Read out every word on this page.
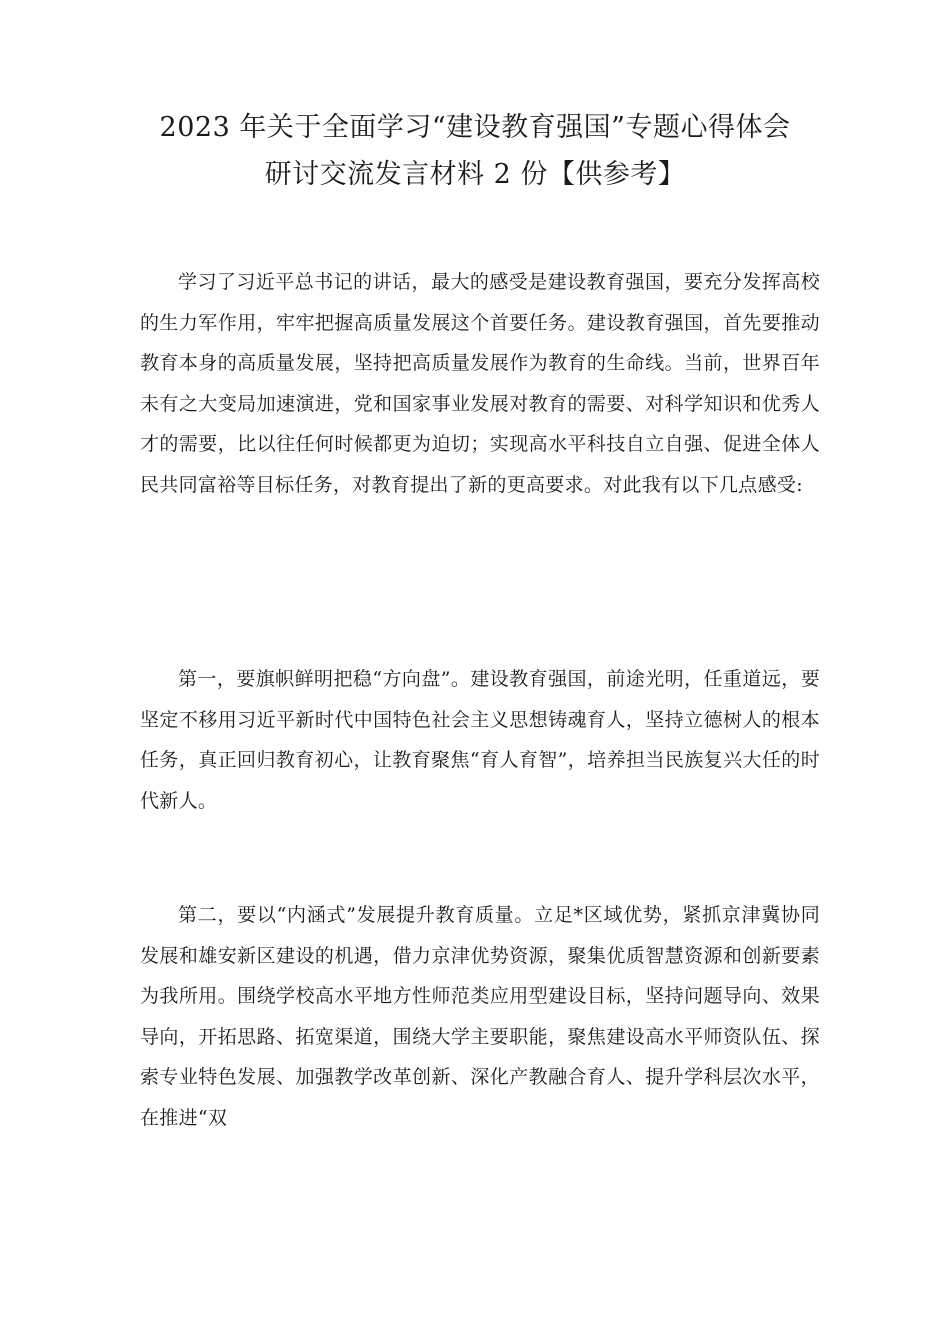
2023 年关于全面学习“建设教育强国”专题心得体会
研讨交流发言材料 2 份【供参考】

学习了习近平总书记的讲话，最大的感受是建设教育强国，要充分发挥高校的生力军作用，牢牢把握高质量发展这个首要任务。建设教育强国，首先要推动教育本身的高质量发展，坚持把高质量发展作为教育的生命线。当前，世界百年未有之大变局加速演进，党和国家事业发展对教育的需要、对科学知识和优秀人才的需要，比以往任何时候都更为迫切；实现高水平科技自立自强、促进全体人民共同富裕等目标任务，对教育提出了新的更高要求。对此我有以下几点感受:

第一，要旗帜鲜明把稳“方向盘”。建设教育强国，前途光明，任重道远，要坚定不移用习近平新时代中国特色社会主义思想铸魂育人，坚持立德树人的根本任务，真正回归教育初心，让教育聚焦“育人育智”，培养担当民族复兴大任的时代新人。

第二，要以“内涵式”发展提升教育质量。立足*区域优势，紧抓京津冀协同发展和雄安新区建设的机遇，借力京津优势资源，聚集优质智慧资源和创新要素为我所用。围绕学校高水平地方性师范类应用型建设目标，坚持问题导向、效果导向，开拓思路、拓宽渠道，围绕大学主要职能，聚焦建设高水平师资队伍、探索专业特色发展、加强教学改革创新、深化产教融合育人、提升学科层次水平，在推进“双
